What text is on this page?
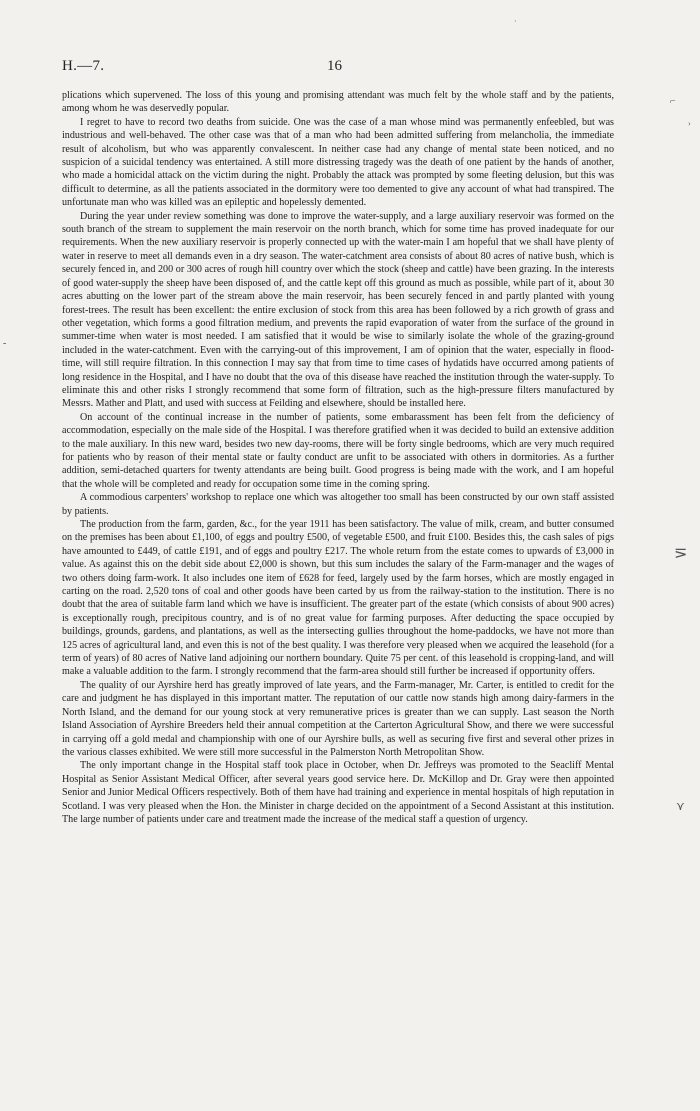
H.—7.	16

plications which supervened. The loss of this young and promising attendant was much felt by the whole staff and by the patients, among whom he was deservedly popular.

I regret to have to record two deaths from suicide. One was the case of a man whose mind was permanently enfeebled, but was industrious and well-behaved. The other case was that of a man who had been admitted suffering from melancholia, the immediate result of alcoholism, but who was apparently convalescent. In neither case had any change of mental state been noticed, and no suspicion of a suicidal tendency was entertained. A still more distressing tragedy was the death of one patient by the hands of another, who made a homicidal attack on the victim during the night. Probably the attack was prompted by some fleeting delusion, but this was difficult to determine, as all the patients associated in the dormitory were too demented to give any account of what had transpired. The unfortunate man who was killed was an epileptic and hopelessly demented.

During the year under review something was done to improve the water-supply, and a large auxiliary reservoir was formed on the south branch of the stream to supplement the main reservoir on the north branch, which for some time has proved inadequate for our requirements. When the new auxiliary reservoir is properly connected up with the water-main I am hopeful that we shall have plenty of water in reserve to meet all demands even in a dry season. The water-catchment area consists of about 80 acres of native bush, which is securely fenced in, and 200 or 300 acres of rough hill country over which the stock (sheep and cattle) have been grazing. In the interests of good water-supply the sheep have been disposed of, and the cattle kept off this ground as much as possible, while part of it, about 30 acres abutting on the lower part of the stream above the main reservoir, has been securely fenced in and partly planted with young forest-trees. The result has been excellent: the entire exclusion of stock from this area has been followed by a rich growth of grass and other vegetation, which forms a good filtration medium, and prevents the rapid evaporation of water from the surface of the ground in summer-time when water is most needed. I am satisfied that it would be wise to similarly isolate the whole of the grazing-ground included in the water-catchment. Even with the carrying-out of this improvement, I am of opinion that the water, especially in flood-time, will still require filtration. In this connection I may say that from time to time cases of hydatids have occurred among patients of long residence in the Hospital, and I have no doubt that the ova of this disease have reached the institution through the water-supply. To eliminate this and other risks I strongly recommend that some form of filtration, such as the high-pressure filters manufactured by Messrs. Mather and Platt, and used with success at Feilding and elsewhere, should be installed here.

On account of the continual increase in the number of patients, some embarassment has been felt from the deficiency of accommodation, especially on the male side of the Hospital. I was therefore gratified when it was decided to build an extensive addition to the male auxiliary. In this new ward, besides two new day-rooms, there will be forty single bedrooms, which are very much required for patients who by reason of their mental state or faulty conduct are unfit to be associated with others in dormitories. As a further addition, semi-detached quarters for twenty attendants are being built. Good progress is being made with the work, and I am hopeful that the whole will be completed and ready for occupation some time in the coming spring.

A commodious carpenters' workshop to replace one which was altogether too small has been constructed by our own staff assisted by patients.

The production from the farm, garden, &c., for the year 1911 has been satisfactory. The value of milk, cream, and butter consumed on the premises has been about £1,100, of eggs and poultry £500, of vegetable £500, and fruit £100. Besides this, the cash sales of pigs have amounted to £449, of cattle £191, and of eggs and poultry £217. The whole return from the estate comes to upwards of £3,000 in value. As against this on the debit side about £2,000 is shown, but this sum includes the salary of the Farm-manager and the wages of two others doing farm-work. It also includes one item of £628 for feed, largely used by the farm horses, which are mostly engaged in carting on the road. 2,520 tons of coal and other goods have been carted by us from the railway-station to the institution. There is no doubt that the area of suitable farm land which we have is insufficient. The greater part of the estate (which consists of about 900 acres) is exceptionally rough, precipitous country, and is of no great value for farming purposes. After deducting the space occupied by buildings, grounds, gardens, and plantations, as well as the intersecting gullies throughout the home-paddocks, we have not more than 125 acres of agricultural land, and even this is not of the best quality. I was therefore very pleased when we acquired the leasehold (for a term of years) of 80 acres of Native land adjoining our northern boundary. Quite 75 per cent. of this leasehold is cropping-land, and will make a valuable addition to the farm. I strongly recommend that the farm-area should still further be increased if opportunity offers.

The quality of our Ayrshire herd has greatly improved of late years, and the Farm-manager, Mr. Carter, is entitled to credit for the care and judgment he has displayed in this important matter. The reputation of our cattle now stands high among dairy-farmers in the North Island, and the demand for our young stock at very remunerative prices is greater than we can supply. Last season the North Island Association of Ayrshire Breeders held their annual competition at the Carterton Agricultural Show, and there we were successful in carrying off a gold medal and championship with one of our Ayrshire bulls, as well as securing five first and several other prizes in the various classes exhibited. We were still more successful in the Palmerston North Metropolitan Show.

The only important change in the Hospital staff took place in October, when Dr. Jeffreys was promoted to the Seacliff Mental Hospital as Senior Assistant Medical Officer, after several years good service here. Dr. McKillop and Dr. Gray were then appointed Senior and Junior Medical Officers respectively. Both of them have had training and experience in mental hospitals of high reputation in Scotland. I was very pleased when the Hon. the Minister in charge decided on the appointment of a Second Assistant at this institution. The large number of patients under care and treatment made the increase of the medical staff a question of urgency.

·
⌐
›
-
⋝
⋎
